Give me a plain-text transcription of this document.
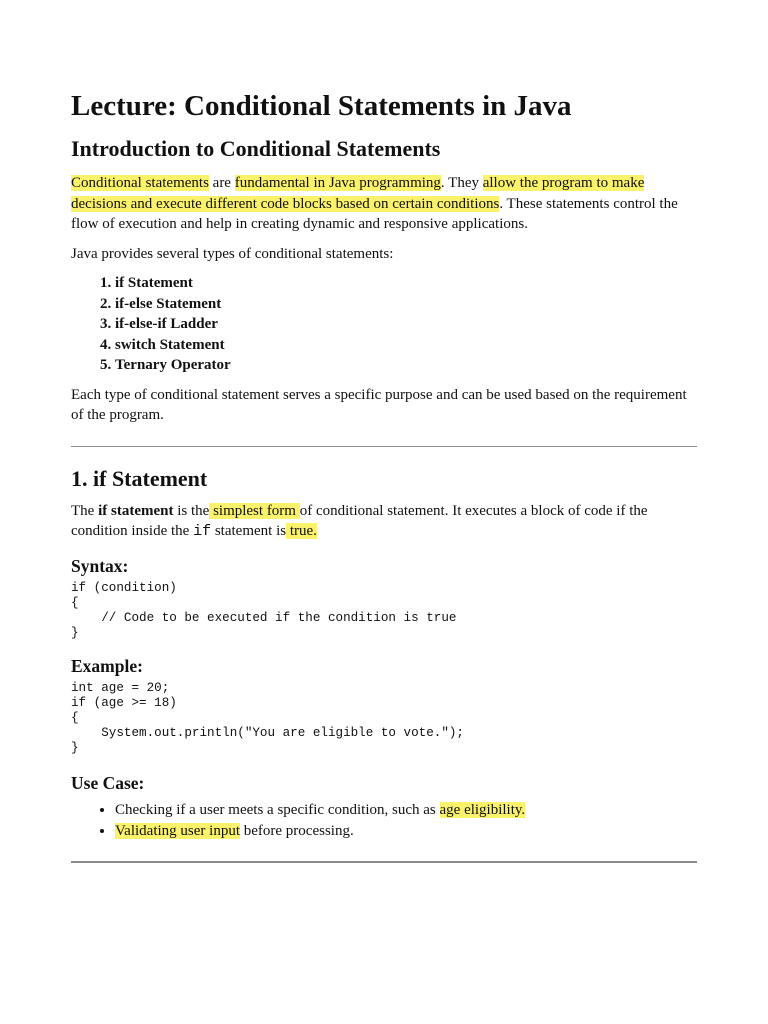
Lecture: Conditional Statements in Java
Introduction to Conditional Statements

Conditional statements are fundamental in Java programming. They allow the program to make decisions and execute different code blocks based on certain conditions. These statements control the flow of execution and help in creating dynamic and responsive applications.

Java provides several types of conditional statements:

1. if Statement
2. if-else Statement
3. if-else-if Ladder
4. switch Statement
5. Ternary Operator

Each type of conditional statement serves a specific purpose and can be used based on the requirement of the program.

1. if Statement

The if statement is the simplest form of conditional statement. It executes a block of code if the condition inside the if statement is true.

Syntax:
if (condition)
{
// Code to be executed if the condition is true
}
Example:
int age = 20;
if (age >= 18)
{
System.out.println("You are eligible to vote.");
}
Use Case:
• Checking if a user meets a specific condition, such as age eligibility.
• Validating user input before processing.
